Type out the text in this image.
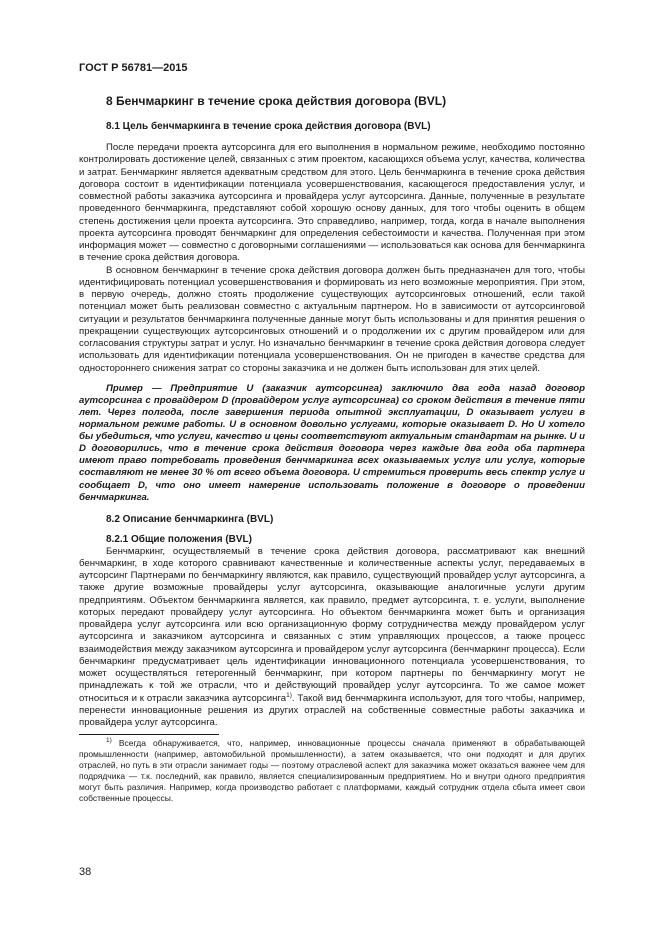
ГОСТ Р 56781—2015
8 Бенчмаркинг в течение срока действия договора (BVL)
8.1 Цель бенчмаркинга в течение срока действия договора (BVL)

После передачи проекта аутсорсинга для его выполнения в нормальном режиме, необходимо постоянно контролировать достижение целей, связанных с этим проектом, касающихся объема услуг, качества, количества и затрат. Бенчмаркинг является адекватным средством для этого. Цель бенчмаркинга в течение срока действия договора состоит в идентификации потенциала усовершенствования, касающегося предоставления услуг, и совместной работы заказчика аутсорсинга и провайдера услуг аутсорсинга. Данные, полученные в результате проведенного бенчмаркинга, представляют собой хорошую основу данных, для того чтобы оценить в общем степень достижения цели проекта аутсорсинга. Это справедливо, например, тогда, когда в начале выполнения проекта аутсорсинга проводят бенчмаркинг для определения себестоимости и качества. Полученная при этом информация может — совместно с договорными соглашениями — использоваться как основа для бенчмаркинга в течение срока действия договора.

В основном бенчмаркинг в течение срока действия договора должен быть предназначен для того, чтобы идентифицировать потенциал усовершенствования и формировать из него возможные мероприятия. При этом, в первую очередь, должно стоять продолжение существующих аутсорсинговых отношений, если такой потенциал может быть реализован совместно с актуальным партнером. Но в зависимости от аутсорсинговой ситуации и результатов бенчмаркинга полученные данные могут быть использованы и для принятия решения о прекращении существующих аутсорсинговых отношений и о продолжении их с другим провайдером или для согласования структуры затрат и услуг. Но изначально бенчмаркинг в течение срока действия договора следует использовать для идентификации потенциала усовершенствования. Он не пригоден в качестве средства для одностороннего снижения затрат со стороны заказчика и не должен быть использован для этих целей.

Пример — Предприятие U (заказчик аутсорсинга) заключило два года назад договор аутсорсинга с провайдером D (провайдером услуг аутсорсинга) со сроком действия в течение пяти лет. Через полгода, после завершения периода опытной эксплуатации, D оказывает услуги в нормальном режиме работы. U в основном довольно услугами, которые оказывает D. Но U хотело бы убедиться, что услуги, качество и цены соответствуют актуальным стандартам на рынке. U и D договорились, что в течение срока действия договора через каждые два года оба партнера имеют право потребовать проведения бенчмаркинга всех оказываемых услуг или услуг, которые составляют не менее 30 % от всего объема договора. U стремиться проверить весь спектр услуг и сообщает D, что оно имеет намерение использовать положение в договоре о проведении бенчмаркинга.

8.2 Описание бенчмаркинга (BVL)
8.2.1 Общие положения (BVL)

Бенчмаркинг, осуществляемый в течение срока действия договора, рассматривают как внешний бенчмаркинг, в ходе которого сравнивают качественные и количественные аспекты услуг, передаваемых в аутсорсинг Партнерами по бенчмаркингу являются, как правило, существующий провайдер услуг аутсорсинга, а также другие возможные провайдеры услуг аутсорсинга, оказывающие аналогичные услуги другим предприятиям. Объектом бенчмаркинга является, как правило, предмет аутсорсинга, т. е. услуги, выполнение которых передают провайдеру услуг аутсорсинга. Но объектом бенчмаркинга может быть и организация провайдера услуг аутсорсинга или всю организационную форму сотрудничества между провайдером услуг аутсорсинга и заказчиком аутсорсинга и связанных с этим управляющих процессов, а также процесс взаимодействия между заказчиком аутсорсинга и провайдером услуг аутсорсинга (бенчмаркинг процесса). Если бенчмаркинг предусматривает цель идентификации инновационного потенциала усовершенствования, то может осуществляться гетерогенный бенчмаркинг, при котором партнеры по бенчмаркингу могут не принадлежать к той же отрасли, что и действующий провайдер услуг аутсорсинга. То же самое может относиться и к отрасли заказчика аутсорсинга$^{1)}$. Такой вид бенчмаркинга используют, для того чтобы, например, перенести инновационные решения из других отраслей на собственные совместные работы заказчика и провайдера услуг аутсорсинга.

$^{1)}$ Всегда обнаруживается, что, например, инновационные процессы сначала применяют в обрабатывающей промышленности (например, автомобильной промышленности), а затем оказывается, что они подходят и для других отраслей, но путь в эти отрасли занимает годы — поэтому отраслевой аспект для заказчика может оказаться важнее чем для подрядчика — т.к. последний, как правило, является специализированным предприятием. Но и внутри одного предприятия могут быть различия. Например, когда производство работает с платформами, каждый сотрудник отдела сбыта имеет свои собственные процессы.

38
